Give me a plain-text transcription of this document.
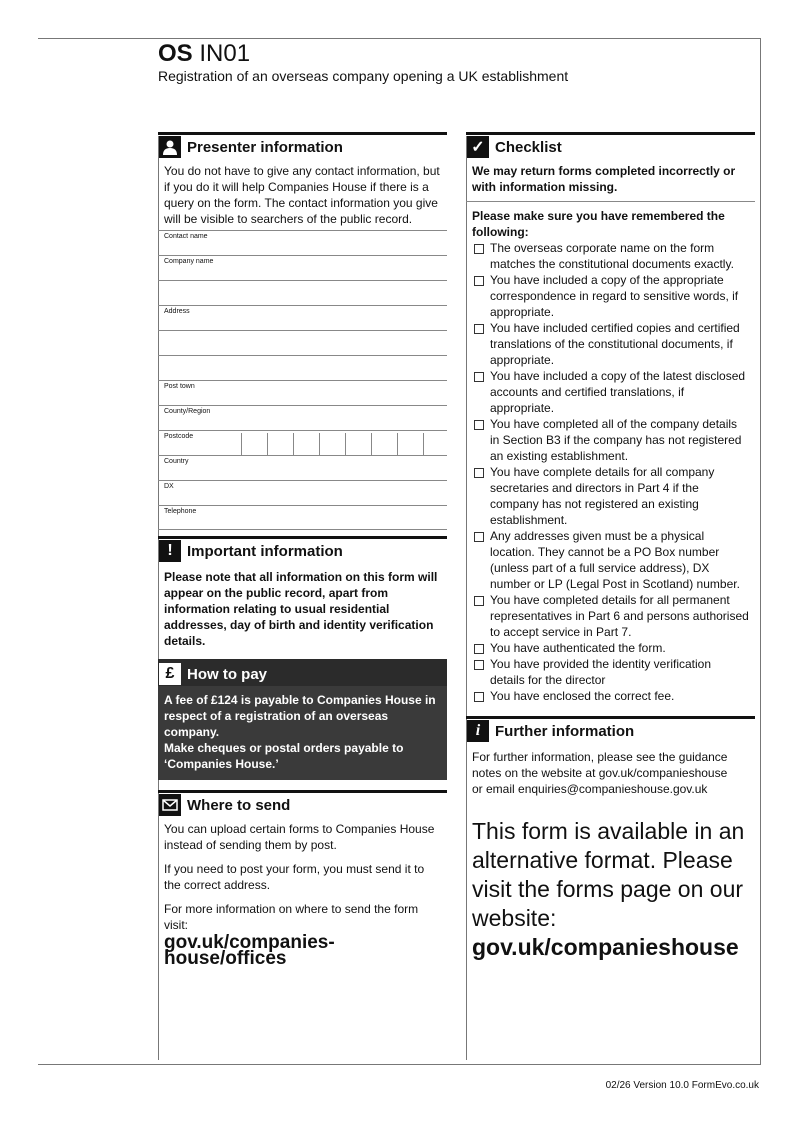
OS IN01
Registration of an overseas company opening a UK establishment
Presenter information
You do not have to give any contact information, but if you do it will help Companies House if there is a query on the form. The contact information you give will be visible to searchers of the public record.
Contact name
Company name
Address
Post town
County/Region
Postcode
Country
DX
Telephone
! Important information
Please note that all information on this form will appear on the public record, apart from information relating to usual residential addresses, day of birth and identity verification details.
£ How to pay
A fee of £124 is payable to Companies House in respect of a registration of an overseas company.
Make cheques or postal orders payable to ‘Companies House.’
Where to send
You can upload certain forms to Companies House instead of sending them by post.
If you need to post your form, you must send it to the correct address.
For more information on where to send the form visit:
gov.uk/companies-house/offices
✓ Checklist
We may return forms completed incorrectly or with information missing.
Please make sure you have remembered the following:
The overseas corporate name on the form matches the constitutional documents exactly.
You have included a copy of the appropriate correspondence in regard to sensitive words, if appropriate.
You have included certified copies and certified translations of the constitutional documents, if appropriate.
You have included a copy of the latest disclosed accounts and certified translations, if appropriate.
You have completed all of the company details in Section B3 if the company has not registered an existing establishment.
You have complete details for all company secretaries and directors in Part 4 if the company has not registered an existing establishment.
Any addresses given must be a physical location. They cannot be a PO Box number (unless part of a full service address), DX number or LP (Legal Post in Scotland) number.
You have completed details for all permanent representatives in Part 6 and persons authorised to accept service in Part 7.
You have authenticated the form.
You have provided the identity verification details for the director
You have enclosed the correct fee.
i Further information
For further information, please see the guidance
notes on the website at gov.uk/companieshouse
or email enquiries@companieshouse.gov.uk
This form is available in an alternative format. Please visit the forms page on our website:
gov.uk/companieshouse
02/26 Version 10.0 FormEvo.co.uk
